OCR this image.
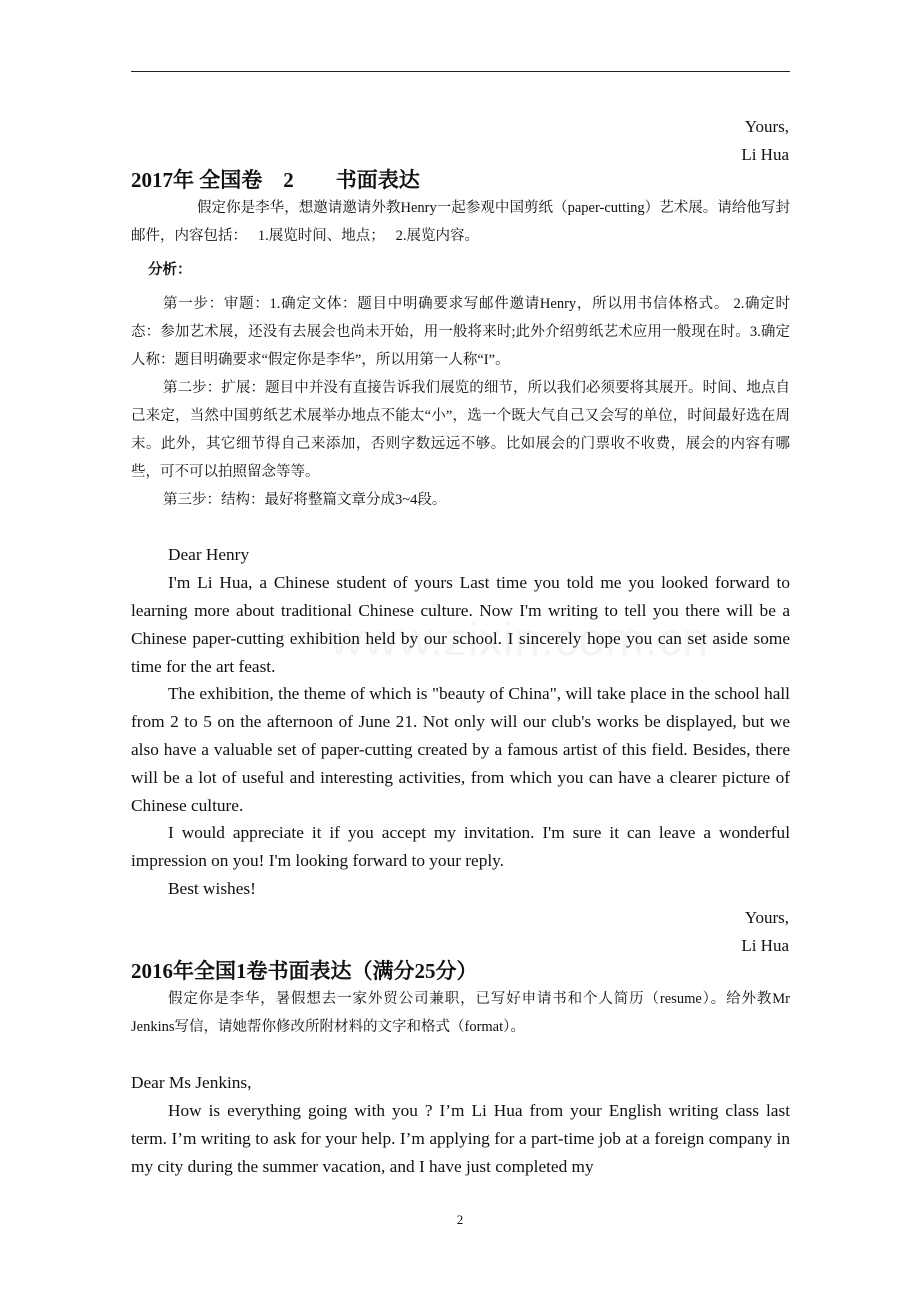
Yours,
Li Hua
2017年 全国卷　2　　书面表达
假定你是李华，想邀请邀请外教Henry一起参观中国剪纸（paper-cutting）艺术展。请给他写封邮件，内容包括：　 1.展览时间、地点；　 2.展览内容。
分析：
第一步：审题：1.确定文体：题目中明确要求写邮件邀请Henry，所以用书信体格式。 2.确定时态：参加艺术展，还没有去展会也尚未开始，用一般将来时;此外介绍剪纸艺术应用一般现在时。3.确定人称：题目明确要求“假定你是李华”，所以用第一人称“I”。
第二步：扩展：题目中并没有直接告诉我们展览的细节，所以我们必须要将其展开。时间、地点自己来定，当然中国剪纸艺术展举办地点不能太“小”，选一个既大气自己又会写的单位，时间最好选在周末。此外，其它细节得自己来添加，否则字数远远不够。比如展会的门票收不收费，展会的内容有哪些，可不可以拍照留念等等。
第三步：结构：最好将整篇文章分成3~4段。
Dear Henry
I'm Li Hua, a Chinese student of yours Last time you told me you looked forward to learning more about traditional Chinese culture. Now I'm writing to tell you there will be a Chinese paper-cutting exhibition held by our school. I sincerely hope you can set aside some time for the art feast.
The exhibition, the theme of which is "beauty of China", will take place in the school hall from 2 to 5 on the afternoon of June 21. Not only will our club's works be displayed, but we also have a valuable set of paper-cutting created by a famous artist of this field. Besides, there will be a lot of useful and interesting activities, from which you can have a clearer picture of Chinese culture.
I would appreciate it if you accept my invitation. I'm sure it can leave a wonderful impression on you! I'm looking forward to your reply.
Best wishes!
Yours,
Li Hua
2016年全国1卷书面表达（满分25分）
假定你是李华，暑假想去一家外贸公司兼职，已写好申请书和个人简历（resume）。给外教Mr Jenkins写信，请她帮你修改所附材料的文字和格式（format）。
Dear Ms Jenkins,
How is everything going with you ? I’m Li Hua from your English writing class last term. I’m writing to ask for your help. I’m applying for a part-time job at a foreign company in my city during the summer vacation, and I have just completed my
2
